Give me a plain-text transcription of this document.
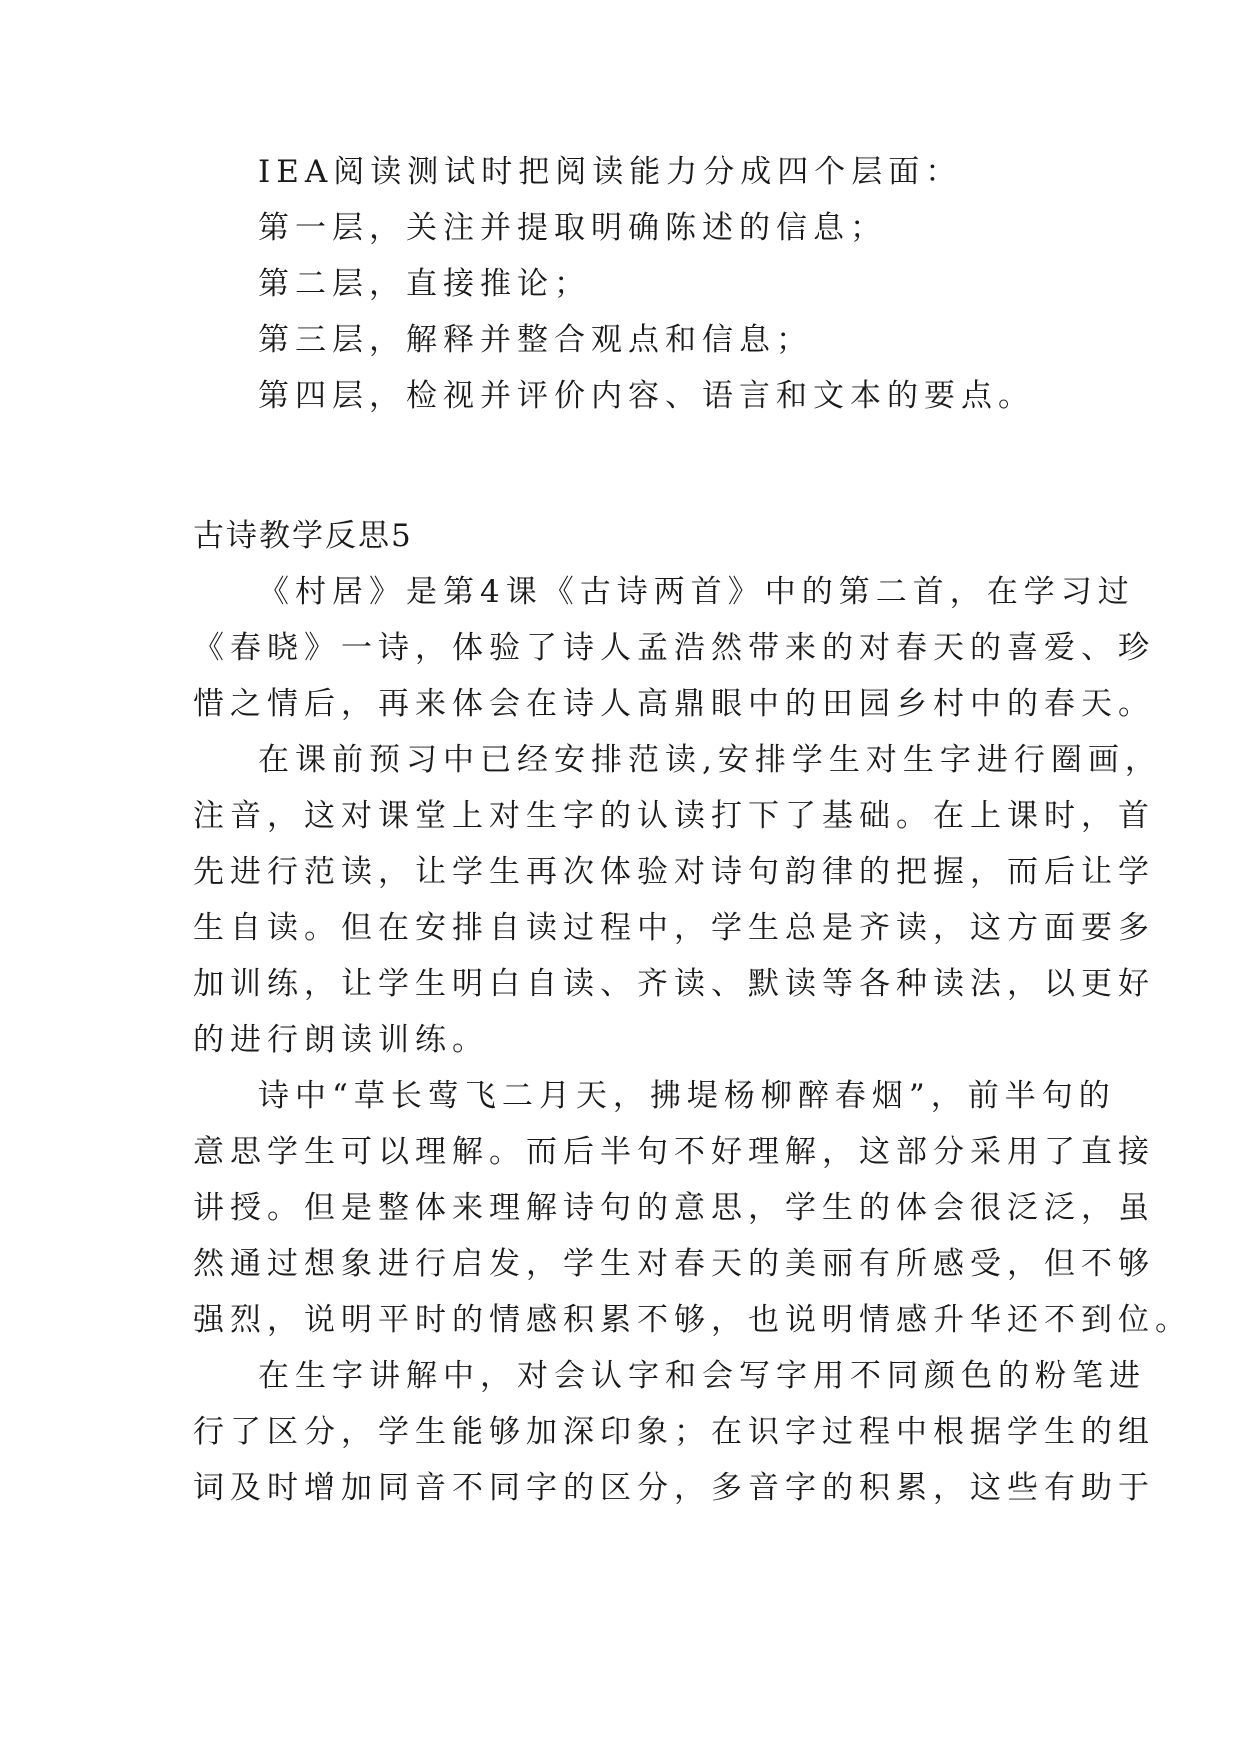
IEA阅读测试时把阅读能力分成四个层面：
第一层，关注并提取明确陈述的信息；
第二层，直接推论；
第三层，解释并整合观点和信息；
第四层，检视并评价内容、语言和文本的要点。
古诗教学反思5
《村居》是第4课《古诗两首》中的第二首，在学习过
《春晓》一诗，体验了诗人孟浩然带来的对春天的喜爱、珍
惜之情后，再来体会在诗人高鼎眼中的田园乡村中的春天。
在课前预习中已经安排范读,安排学生对生字进行圈画，
注音，这对课堂上对生字的认读打下了基础。在上课时，首
先进行范读，让学生再次体验对诗句韵律的把握，而后让学
生自读。但在安排自读过程中，学生总是齐读，这方面要多
加训练，让学生明白自读、齐读、默读等各种读法，以更好
的进行朗读训练。
诗中“草长莺飞二月天，拂堤杨柳醉春烟”，前半句的
意思学生可以理解。而后半句不好理解，这部分采用了直接
讲授。但是整体来理解诗句的意思，学生的体会很泛泛，虽
然通过想象进行启发，学生对春天的美丽有所感受，但不够
强烈，说明平时的情感积累不够，也说明情感升华还不到位。
在生字讲解中，对会认字和会写字用不同颜色的粉笔进
行了区分，学生能够加深印象；在识字过程中根据学生的组
词及时增加同音不同字的区分，多音字的积累，这些有助于
